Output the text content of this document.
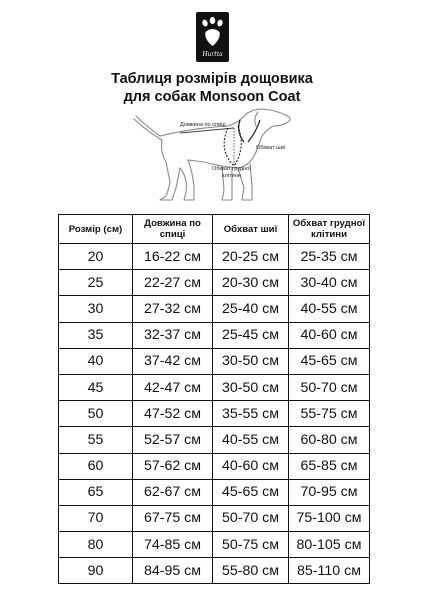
Hurtta
Таблиця розмірів дощовика
для собак Monsoon Coat
Довжина по спиці
Обхват шиї
Обхват грудної
клітини
Розмір (см)	Довжина по спиці	Обхват шиї	Обхват грудної клітини
20	16-22 см	20-25 см	25-35 см
25	22-27 см	20-30 см	30-40 см
30	27-32 см	25-40 см	40-55 см
35	32-37 см	25-45 см	40-60 см
40	37-42 см	30-50 см	45-65 см
45	42-47 см	30-50 см	50-70 см
50	47-52 см	35-55 см	55-75 см
55	52-57 см	40-55 см	60-80 см
60	57-62 см	40-60 см	65-85 см
65	62-67 см	45-65 см	70-95 см
70	67-75 см	50-70 см	75-100 см
80	74-85 см	50-75 см	80-105 см
90	84-95 см	55-80 см	85-110 см
